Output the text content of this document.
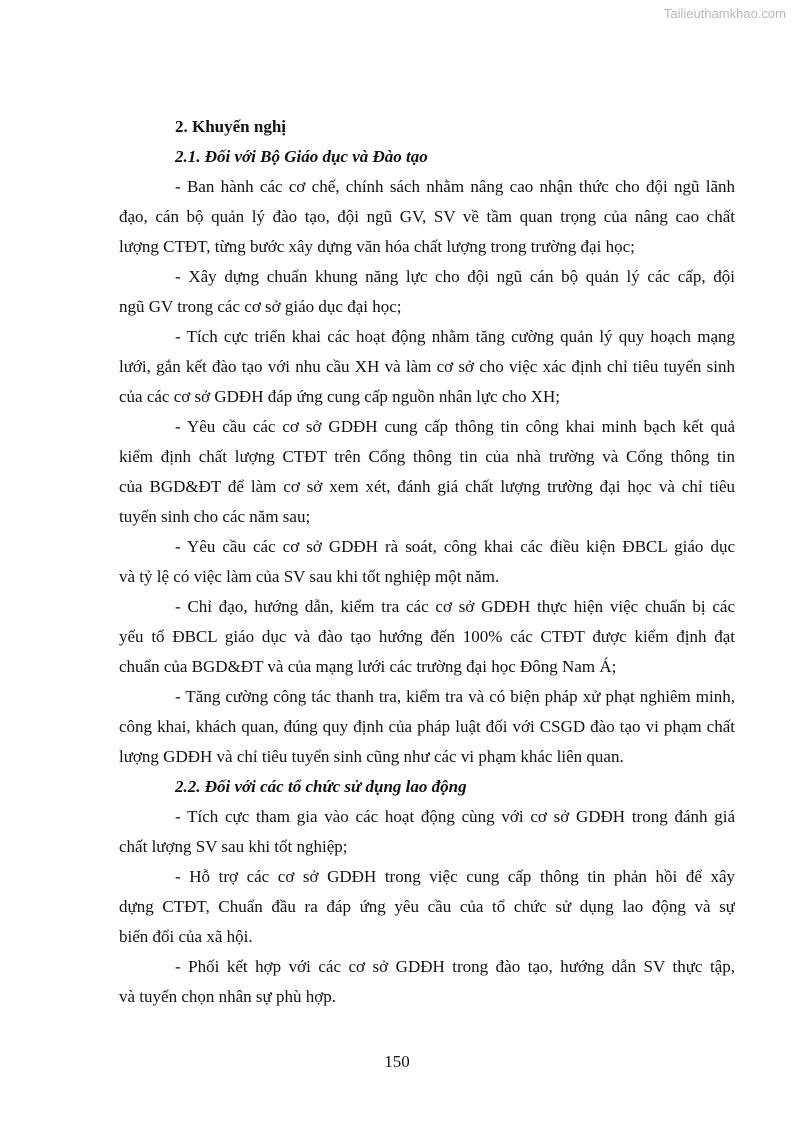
Tailieuthamkhao.com
2. Khuyến nghị
2.1. Đối với Bộ Giáo dục và Đào tạo
- Ban hành các cơ chế, chính sách nhằm nâng cao nhận thức cho đội ngũ lãnh
đạo, cán bộ quản lý đào tạo, đội ngũ GV, SV về tầm quan trọng của nâng cao chất
lượng CTĐT, từng bước xây dựng văn hóa chất lượng trong trường đại học;
- Xây dựng chuẩn khung năng lực cho đội ngũ cán bộ quản lý các cấp, đội
ngũ GV trong các cơ sở giáo dục đại học;
- Tích cực triển khai các hoạt động nhằm tăng cường quản lý quy hoạch mạng
lưới, gắn kết đào tạo với nhu cầu XH và làm cơ sở cho việc xác định chỉ tiêu tuyển sinh
của các cơ sở GDĐH đáp ứng cung cấp nguồn nhân lực cho XH;
- Yêu cầu các cơ sở GDĐH cung cấp thông tin công khai minh bạch kết quả
kiểm định chất lượng CTĐT trên Cổng thông tin của nhà trường và Cổng thông tin
của BGD&ĐT để làm cơ sở xem xét, đánh giá chất lượng trường đại học và chỉ tiêu
tuyển sinh cho các năm sau;
- Yêu cầu các cơ sở GDĐH rà soát, công khai các điều kiện ĐBCL giáo dục
và tỷ lệ có việc làm của SV sau khi tốt nghiệp một năm.
- Chỉ đạo, hướng dẫn, kiểm tra các cơ sở GDĐH thực hiện việc chuẩn bị các
yếu tố ĐBCL giáo dục và đào tạo hướng đến 100% các CTĐT được kiểm định đạt
chuẩn của BGD&ĐT và của mạng lưới các trường đại học Đông Nam Á;
- Tăng cường công tác thanh tra, kiểm tra và có biện pháp xử phạt nghiêm minh,
công khai, khách quan, đúng quy định của pháp luật đối với CSGD đào tạo vi phạm chất
lượng GDĐH và chỉ tiêu tuyển sinh cũng như các vi phạm khác liên quan.
2.2. Đối với các tổ chức sử dụng lao động
- Tích cực tham gia vào các hoạt động cùng với cơ sở GDĐH trong đánh giá
chất lượng SV sau khi tốt nghiệp;
- Hỗ trợ các cơ sở GDĐH trong việc cung cấp thông tin phản hồi để xây
dựng CTĐT, Chuẩn đầu ra đáp ứng yêu cầu của tổ chức sử dụng lao động và sự
biến đổi của xã hội.
- Phối kết hợp với các cơ sở GDĐH trong đào tạo, hướng dẫn SV thực tập,
và tuyển chọn nhân sự phù hợp.
150
